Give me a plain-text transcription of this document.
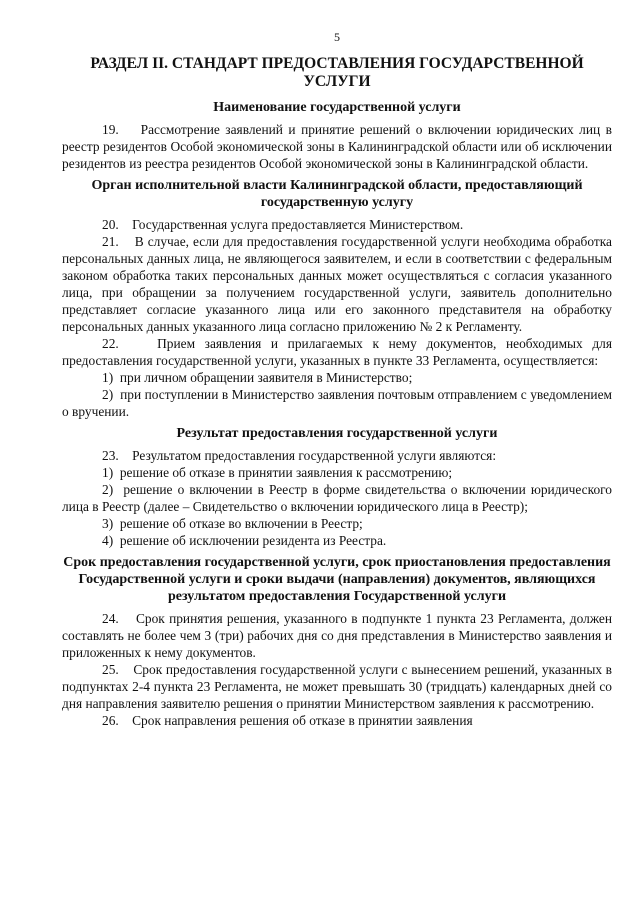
5
РАЗДЕЛ II. СТАНДАРТ ПРЕДОСТАВЛЕНИЯ ГОСУДАРСТВЕННОЙ УСЛУГИ
Наименование государственной услуги

19.    Рассмотрение заявлений и принятие решений о включении юридических лиц в реестр резидентов Особой экономической зоны в Калининградской области или об исключении резидентов из реестра резидентов Особой экономической зоны в Калининградской области.

Орган исполнительной власти Калининградской области, предоставляющий государственную услугу

20.    Государственная услуга предоставляется Министерством.

21.    В случае, если для предоставления государственной услуги необходима обработка персональных данных лица, не являющегося заявителем, и если в соответствии с федеральным законом обработка таких персональных данных может осуществляться с согласия указанного лица, при обращении за получением государственной услуги, заявитель дополнительно представляет согласие указанного лица или его законного представителя на обработку персональных данных указанного лица согласно приложению № 2 к Регламенту.

22.    Прием заявления и прилагаемых к нему документов, необходимых для предоставления государственной услуги, указанных в пункте 33 Регламента, осуществляется:

1)  при личном обращении заявителя в Министерство;

2)  при поступлении в Министерство заявления почтовым отправлением с уведомлением о вручении.

Результат предоставления государственной услуги

23.    Результатом предоставления государственной услуги являются:

1)  решение об отказе в принятии заявления к рассмотрению;

2)  решение о включении в Реестр в форме свидетельства о включении юридического лица в Реестр (далее – Свидетельство о включении юридического лица в Реестр);

3)  решение об отказе во включении в Реестр;

4)  решение об исключении резидента из Реестра.

Срок предоставления государственной услуги, срок приостановления предоставления Государственной услуги и сроки выдачи (направления) документов, являющихся результатом предоставления Государственной услуги

24.    Срок принятия решения, указанного в подпункте 1 пункта 23 Регламента, должен составлять не более чем 3 (три) рабочих дня со дня представления в Министерство заявления и приложенных к нему документов.

25.    Срок предоставления государственной услуги с вынесением решений, указанных в подпунктах 2-4 пункта 23 Регламента, не может превышать 30 (тридцать) календарных дней со дня направления заявителю решения о принятии Министерством заявления к рассмотрению.

26.    Срок направления решения об отказе в принятии заявления
